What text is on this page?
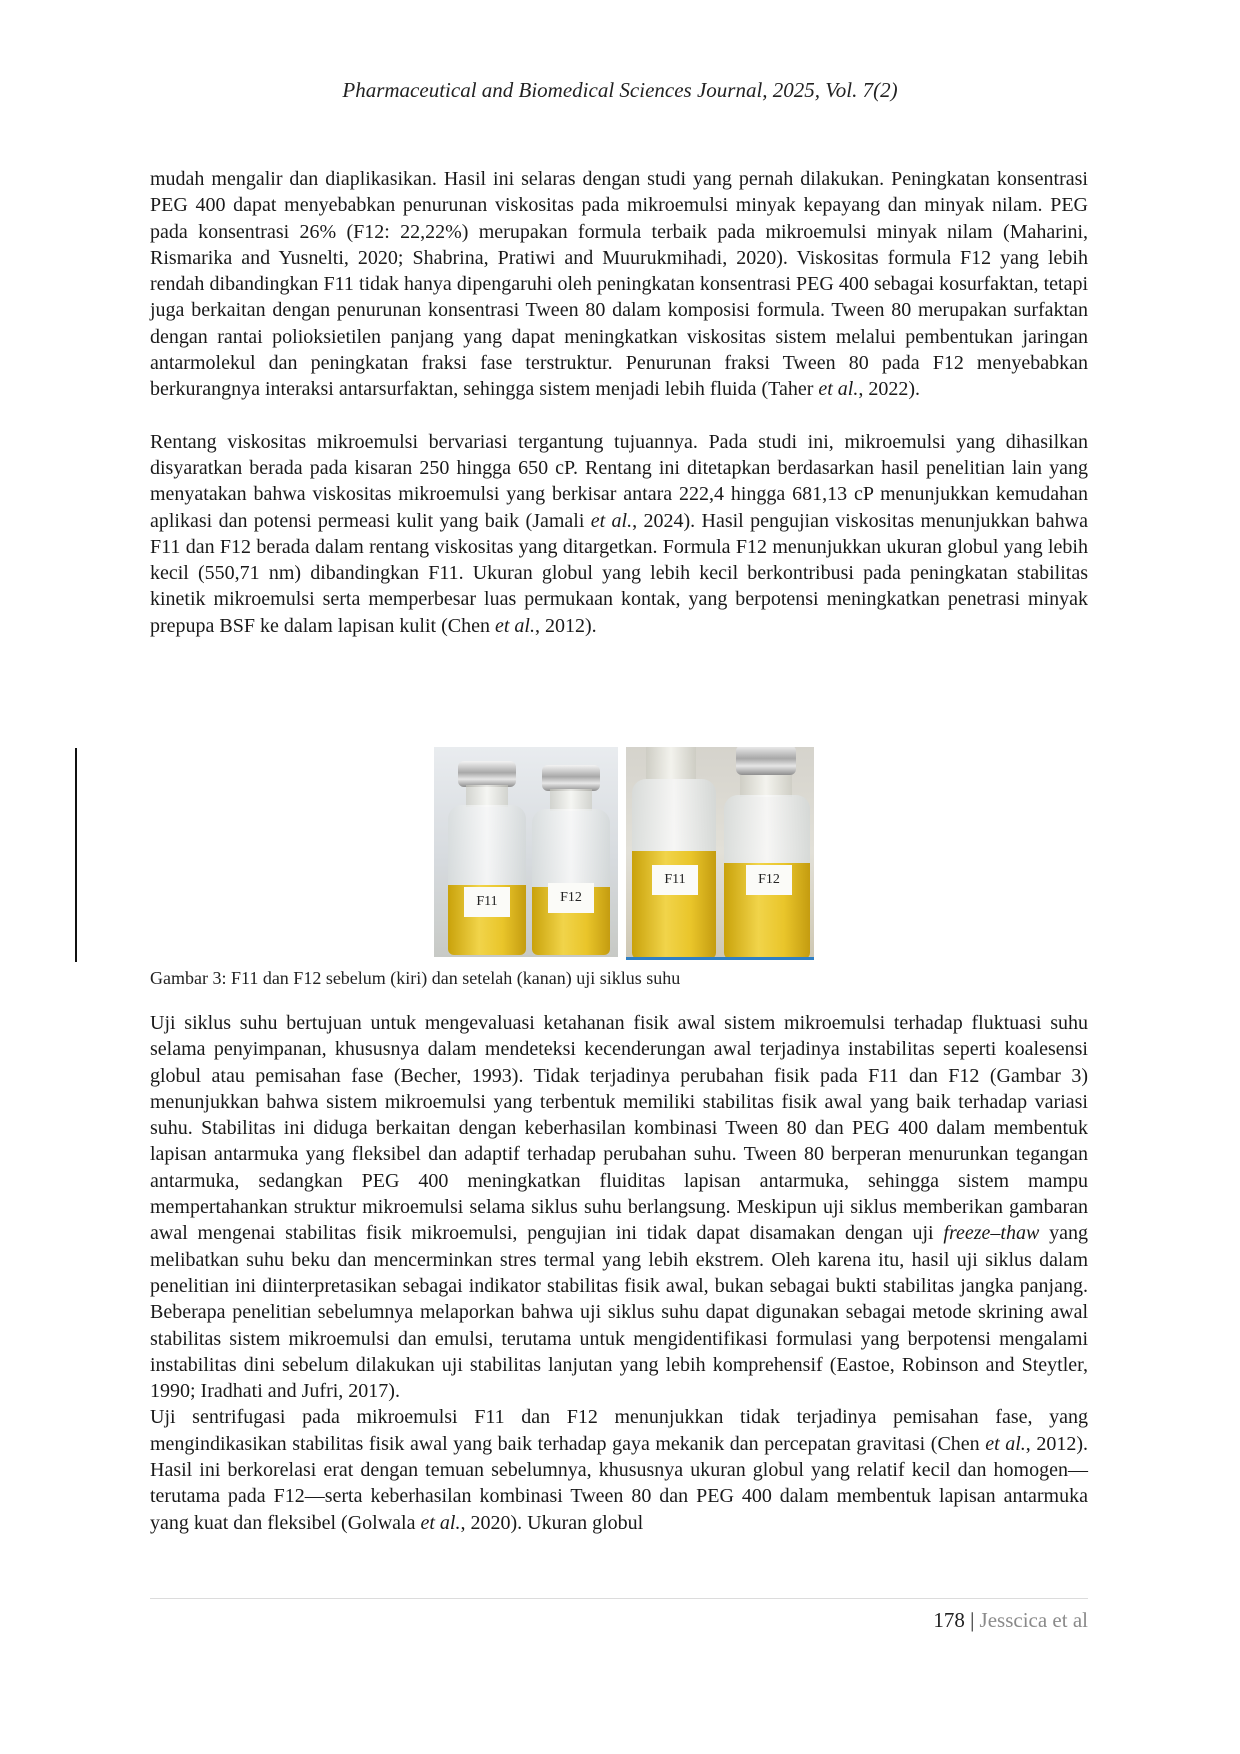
Pharmaceutical and Biomedical Sciences Journal, 2025, Vol. 7(2)

mudah mengalir dan diaplikasikan. Hasil ini selaras dengan studi yang pernah dilakukan. Peningkatan konsentrasi PEG 400 dapat menyebabkan penurunan viskositas pada mikroemulsi minyak kepayang dan minyak nilam. PEG pada konsentrasi 26% (F12: 22,22%) merupakan formula terbaik pada mikroemulsi minyak nilam (Maharini, Rismarika and Yusnelti, 2020; Shabrina, Pratiwi and Muurukmihadi, 2020). Viskositas formula F12 yang lebih rendah dibandingkan F11 tidak hanya dipengaruhi oleh peningkatan konsentrasi PEG 400 sebagai kosurfaktan, tetapi juga berkaitan dengan penurunan konsentrasi Tween 80 dalam komposisi formula. Tween 80 merupakan surfaktan dengan rantai polioksietilen panjang yang dapat meningkatkan viskositas sistem melalui pembentukan jaringan antarmolekul dan peningkatan fraksi fase terstruktur. Penurunan fraksi Tween 80 pada F12 menyebabkan berkurangnya interaksi antarsurfaktan, sehingga sistem menjadi lebih fluida (Taher et al., 2022).

Rentang viskositas mikroemulsi bervariasi tergantung tujuannya. Pada studi ini, mikroemulsi yang dihasilkan disyaratkan berada pada kisaran 250 hingga 650 cP. Rentang ini ditetapkan berdasarkan hasil penelitian lain yang menyatakan bahwa viskositas mikroemulsi yang berkisar antara 222,4 hingga 681,13 cP menunjukkan kemudahan aplikasi dan potensi permeasi kulit yang baik (Jamali et al., 2024). Hasil pengujian viskositas menunjukkan bahwa F11 dan F12 berada dalam rentang viskositas yang ditargetkan. Formula F12 menunjukkan ukuran globul yang lebih kecil (550,71 nm) dibandingkan F11. Ukuran globul yang lebih kecil berkontribusi pada peningkatan stabilitas kinetik mikroemulsi serta memperbesar luas permukaan kontak, yang berpotensi meningkatkan penetrasi minyak prepupa BSF ke dalam lapisan kulit (Chen et al., 2012).

F11	F12
F11	F12
Gambar 3: F11 dan F12 sebelum (kiri) dan setelah (kanan) uji siklus suhu

Uji siklus suhu bertujuan untuk mengevaluasi ketahanan fisik awal sistem mikroemulsi terhadap fluktuasi suhu selama penyimpanan, khususnya dalam mendeteksi kecenderungan awal terjadinya instabilitas seperti koalesensi globul atau pemisahan fase (Becher, 1993). Tidak terjadinya perubahan fisik pada F11 dan F12 (Gambar 3) menunjukkan bahwa sistem mikroemulsi yang terbentuk memiliki stabilitas fisik awal yang baik terhadap variasi suhu. Stabilitas ini diduga berkaitan dengan keberhasilan kombinasi Tween 80 dan PEG 400 dalam membentuk lapisan antarmuka yang fleksibel dan adaptif terhadap perubahan suhu. Tween 80 berperan menurunkan tegangan antarmuka, sedangkan PEG 400 meningkatkan fluiditas lapisan antarmuka, sehingga sistem mampu mempertahankan struktur mikroemulsi selama siklus suhu berlangsung. Meskipun uji siklus memberikan gambaran awal mengenai stabilitas fisik mikroemulsi, pengujian ini tidak dapat disamakan dengan uji freeze–thaw yang melibatkan suhu beku dan mencerminkan stres termal yang lebih ekstrem. Oleh karena itu, hasil uji siklus dalam penelitian ini diinterpretasikan sebagai indikator stabilitas fisik awal, bukan sebagai bukti stabilitas jangka panjang. Beberapa penelitian sebelumnya melaporkan bahwa uji siklus suhu dapat digunakan sebagai metode skrining awal stabilitas sistem mikroemulsi dan emulsi, terutama untuk mengidentifikasi formulasi yang berpotensi mengalami instabilitas dini sebelum dilakukan uji stabilitas lanjutan yang lebih komprehensif (Eastoe, Robinson and Steytler, 1990; Iradhati and Jufri, 2017).

Uji sentrifugasi pada mikroemulsi F11 dan F12 menunjukkan tidak terjadinya pemisahan fase, yang mengindikasikan stabilitas fisik awal yang baik terhadap gaya mekanik dan percepatan gravitasi (Chen et al., 2012). Hasil ini berkorelasi erat dengan temuan sebelumnya, khususnya ukuran globul yang relatif kecil dan homogen—terutama pada F12—serta keberhasilan kombinasi Tween 80 dan PEG 400 dalam membentuk lapisan antarmuka yang kuat dan fleksibel (Golwala et al., 2020). Ukuran globul

178 | Jesscica et al
